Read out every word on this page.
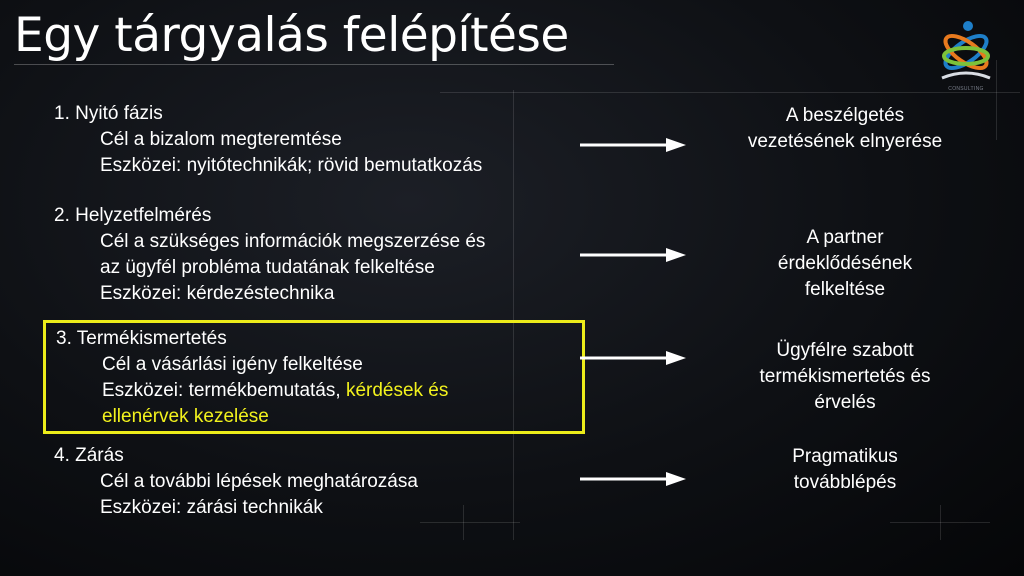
Egy tárgyalás felépítése
CONSULTING
1. Nyitó fázis
Cél a bizalom megteremtése
Eszközei: nyitótechnikák; rövid bemutatkozás
2. Helyzetfelmérés
Cél a szükséges információk megszerzése és
az ügyfél probléma tudatának felkeltése
Eszközei: kérdezéstechnika
3. Termékismertetés
Cél a vásárlási igény felkeltése
Eszközei: termékbemutatás, kérdések és
ellenérvek kezelése
4. Zárás
Cél a további lépések meghatározása
Eszközei: zárási technikák
A beszélgetés
vezetésének elnyerése
A partner
érdeklődésének
felkeltése
Ügyfélre szabott
termékismertetés és
érvelés
Pragmatikus
továbblépés
